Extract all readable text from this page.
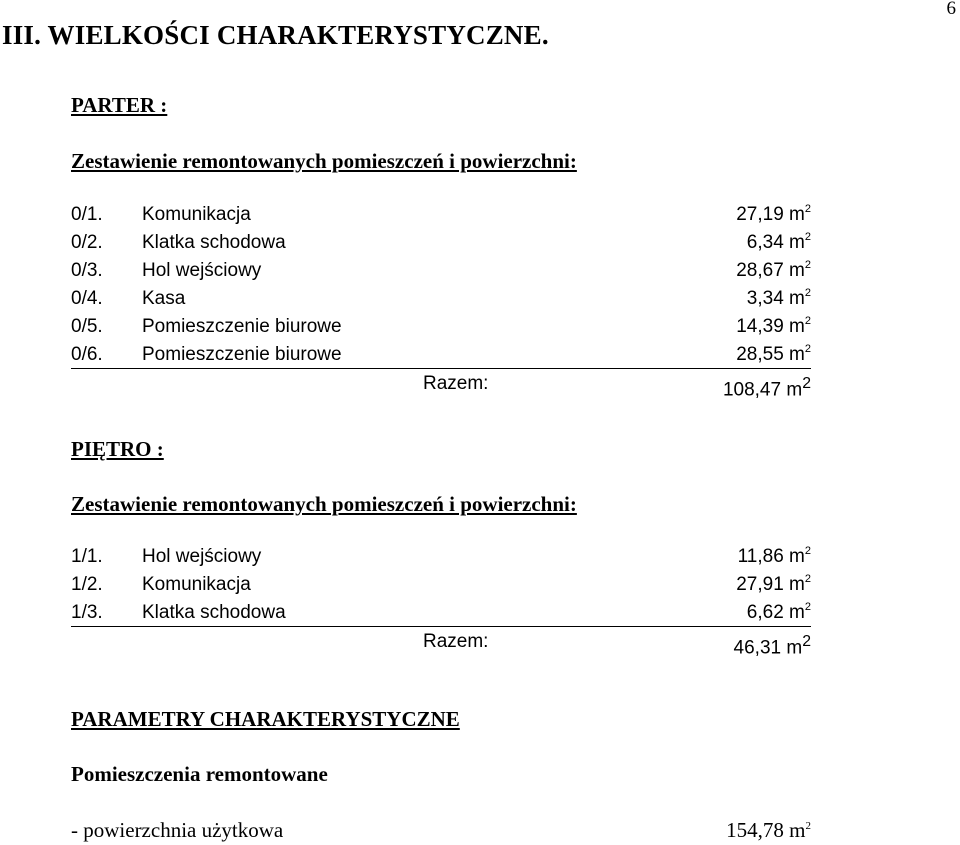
6
III. WIELKOŚCI CHARAKTERYSTYCZNE.
PARTER :
Zestawienie remontowanych pomieszczeń i powierzchni:
0/1. Komunikacja	27,19 $m^2$
0/2. Klatka schodowa	6,34 $m^2$
0/3. Hol wejściowy	28,67 $m^2$
0/4. Kasa	3,34 $m^2$
0/5. Pomieszczenie biurowe	14,39 $m^2$
0/6. Pomieszczenie biurowe	28,55 $m^2$
Razem:	108,47 $m^2$
PIĘTRO :
Zestawienie remontowanych pomieszczeń i powierzchni:
1/1. Hol wejściowy	11,86 $m^2$
1/2. Komunikacja	27,91 $m^2$
1/3. Klatka schodowa	6,62 $m^2$
Razem:	46,31 $m^2$
PARAMETRY CHARAKTERYSTYCZNE
Pomieszczenia remontowane
- powierzchnia użytkowa	154,78 $m^2$
